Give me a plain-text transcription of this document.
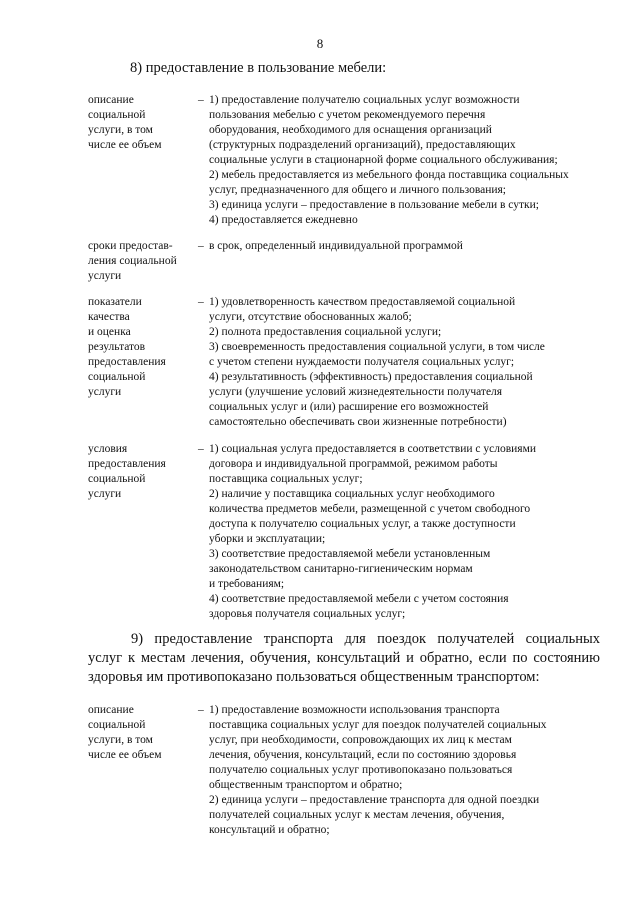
8
8) предоставление в пользование мебели:
описание
социальной
услуги, в том
числе ее объем
– 1) предоставление получателю социальных услуг возможности
пользования мебелью с учетом рекомендуемого перечня
оборудования, необходимого для оснащения организаций
(структурных подразделений организаций), предоставляющих
социальные услуги в стационарной форме социального обслуживания;
2) мебель предоставляется из мебельного фонда поставщика социальных
услуг, предназначенного для общего и личного пользования;
3) единица услуги – предоставление в пользование мебели в сутки;
4) предоставляется ежедневно
сроки предостав-
ления социальной
услуги
– в срок, определенный индивидуальной программой
показатели
качества
и оценка
результатов
предоставления
социальной
услуги
– 1) удовлетворенность качеством предоставляемой социальной
услуги, отсутствие обоснованных жалоб;
2) полнота предоставления социальной услуги;
3) своевременность предоставления социальной услуги, в том числе
с учетом степени нуждаемости получателя социальных услуг;
4) результативность (эффективность) предоставления социальной
услуги (улучшение условий жизнедеятельности получателя
социальных услуг и (или) расширение его возможностей
самостоятельно обеспечивать свои жизненные потребности)
условия
предоставления
социальной
услуги
– 1) социальная услуга предоставляется в соответствии с условиями
договора и индивидуальной программой, режимом работы
поставщика социальных услуг;
2) наличие у поставщика социальных услуг необходимого
количества предметов мебели, размещенной с учетом свободного
доступа к получателю социальных услуг, а также доступности
уборки и эксплуатации;
3) соответствие предоставляемой мебели установленным
законодательством санитарно-гигиеническим нормам
и требованиям;
4) соответствие предоставляемой мебели с учетом состояния
здоровья получателя социальных услуг;
9) предоставление транспорта для поездок получателей социальных
услуг к местам лечения, обучения, консультаций и обратно, если по состоянию
здоровья им противопоказано пользоваться общественным транспортом:
описание
социальной
услуги, в том
числе ее объем
– 1) предоставление возможности использования транспорта
поставщика социальных услуг для поездок получателей социальных
услуг, при необходимости, сопровождающих их лиц к местам
лечения, обучения, консультаций, если по состоянию здоровья
получателю социальных услуг противопоказано пользоваться
общественным транспортом и обратно;
2) единица услуги – предоставление транспорта для одной поездки
получателей социальных услуг к местам лечения, обучения,
консультаций и обратно;
